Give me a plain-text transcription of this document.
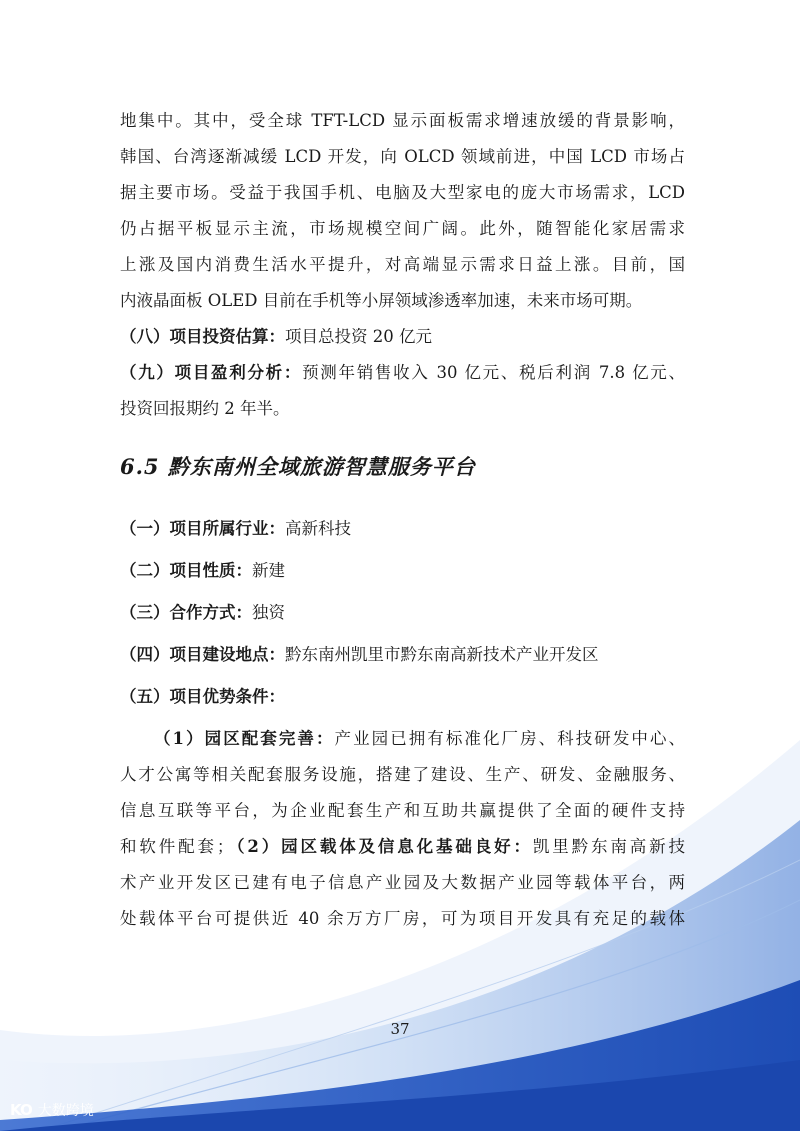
地集中。其中，受全球 TFT-LCD 显示面板需求增速放缓的背景影响，
韩国、台湾逐渐减缓 LCD 开发，向 OLCD 领域前进，中国 LCD 市场占
据主要市场。受益于我国手机、电脑及大型家电的庞大市场需求，LCD
仍占据平板显示主流，市场规模空间广阔。此外，随智能化家居需求
上涨及国内消费生活水平提升，对高端显示需求日益上涨。目前，国
内液晶面板 OLED 目前在手机等小屏领域渗透率加速，未来市场可期。
（八）项目投资估算：项目总投资 20 亿元
（九）项目盈利分析：预测年销售收入 30 亿元、税后利润 7.8 亿元、
投资回报期约 2 年半。
6.5 黔东南州全域旅游智慧服务平台
（一）项目所属行业：高新科技
（二）项目性质：新建
（三）合作方式：独资
（四）项目建设地点：黔东南州凯里市黔东南高新技术产业开发区
（五）项目优势条件：
（1）园区配套完善：产业园已拥有标准化厂房、科技研发中心、
人才公寓等相关配套服务设施，搭建了建设、生产、研发、金融服务、
信息互联等平台，为企业配套生产和互助共赢提供了全面的硬件支持
和软件配套；（2）园区载体及信息化基础良好：凯里黔东南高新技
术产业开发区已建有电子信息产业园及大数据产业园等载体平台，两
处载体平台可提供近 40 余万方厂房，可为项目开发具有充足的载体
37
KO 大数跨境
